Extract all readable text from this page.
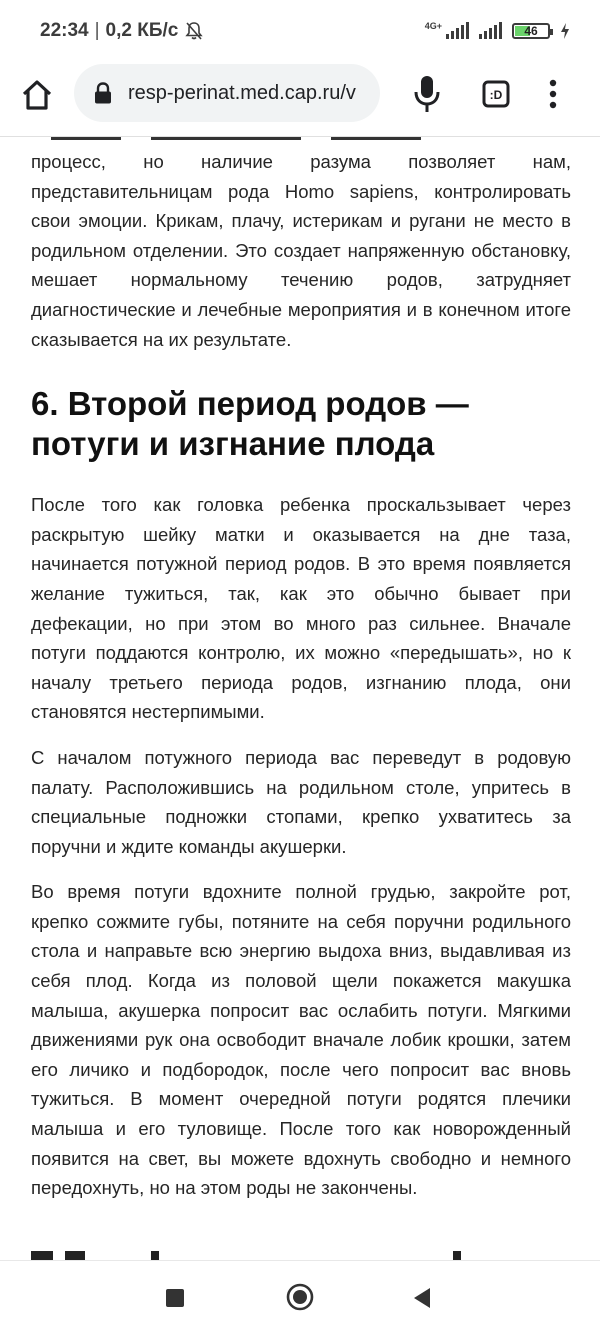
22:34 | 0,2 КБ/с	4G+	46
resp-perinat.med.cap.ru/v	:D

процесс, но наличие разума позволяет нам, представительницам рода Homo sapiens, контролировать свои эмоции. Крикам, плачу, истерикам и ругани не место в родильном отделении. Это создает напряженную обстановку, мешает нормальному течению родов, затрудняет диагностические и лечебные мероприятия и в конечном итоге сказывается на их результате.

6. Второй период родов — потуги и изгнание плода

После того как головка ребенка проскальзывает через раскрытую шейку матки и оказывается на дне таза, начинается потужной период родов. В это время появляется желание тужиться, так, как это обычно бывает при дефекации, но при этом во много раз сильнее. Вначале потуги поддаются контролю, их можно «передышать», но к началу третьего периода родов, изгнанию плода, они становятся нестерпимыми.

С началом потужного периода вас переведут в родовую палату. Расположившись на родильном столе, упритесь в специальные подножки стопами, крепко ухватитесь за поручни и ждите команды акушерки.

Во время потуги вдохните полной грудью, закройте рот, крепко сожмите губы, потяните на себя поручни родильного стола и направьте всю энергию выдоха вниз, выдавливая из себя плод. Когда из половой щели покажется макушка малыша, акушерка попросит вас ослабить потуги. Мягкими движениями рук она освободит вначале лобик крошки, затем его личико и подбородок, после чего попросит вас вновь тужиться. В момент очередной потуги родятся плечики малыша и его туловище. После того как новорожденный появится на свет, вы можете вдохнуть свободно и немного передохнуть, но на этом роды не закончены.
